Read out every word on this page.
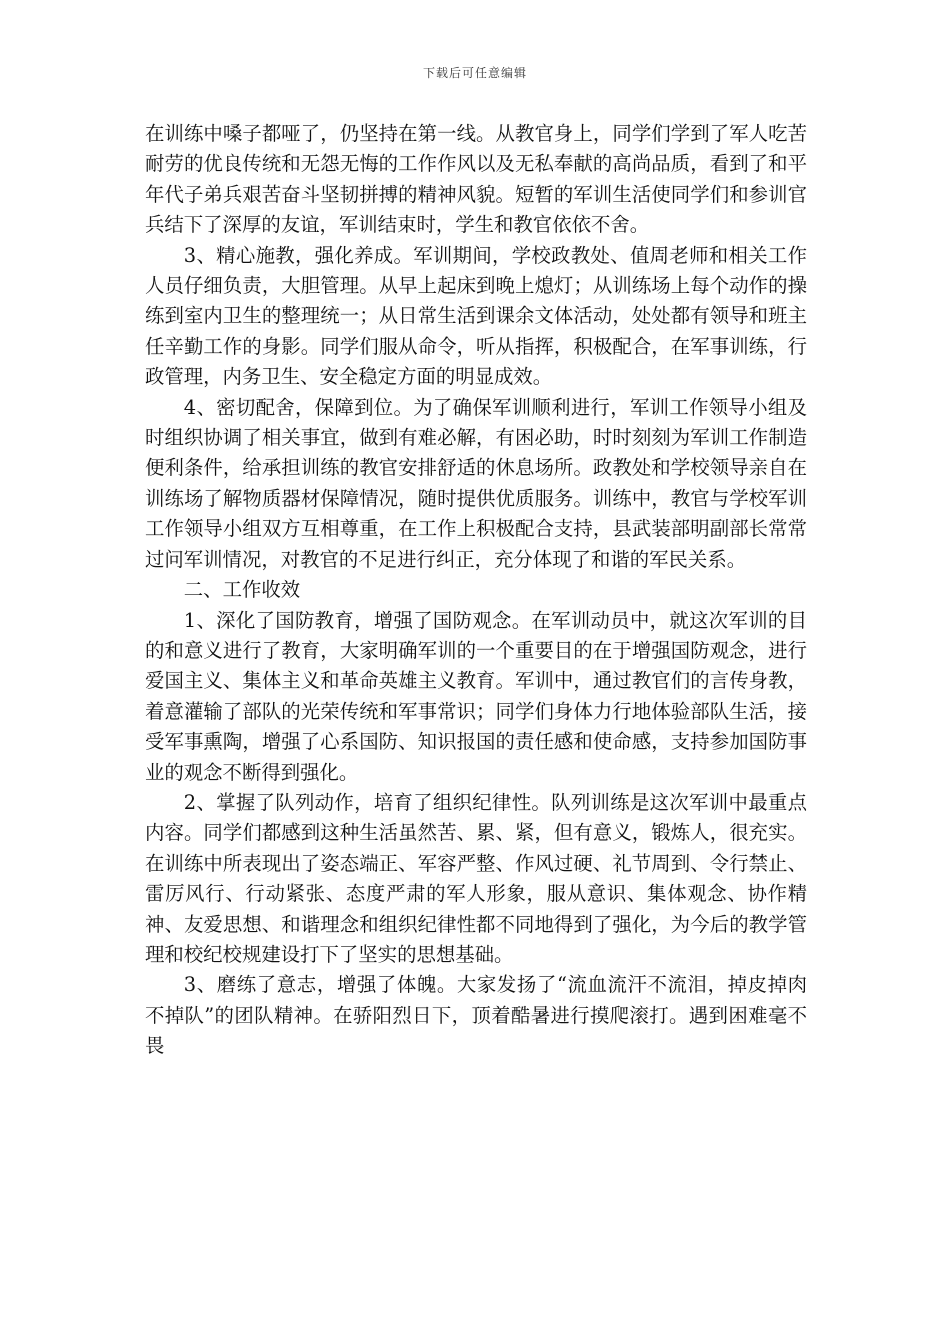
下载后可任意编辑

在训练中嗓子都哑了，仍坚持在第一线。从教官身上，同学们学到了军人吃苦耐劳的优良传统和无怨无悔的工作作风以及无私奉献的高尚品质，看到了和平年代子弟兵艰苦奋斗坚韧拼搏的精神风貌。短暂的军训生活使同学们和参训官兵结下了深厚的友谊，军训结束时，学生和教官依依不舍。

3、精心施教，强化养成。军训期间，学校政教处、值周老师和相关工作人员仔细负责，大胆管理。从早上起床到晚上熄灯；从训练场上每个动作的操练到室内卫生的整理统一；从日常生活到课余文体活动，处处都有领导和班主任辛勤工作的身影。同学们服从命令，听从指挥，积极配合，在军事训练，行政管理，内务卫生、安全稳定方面的明显成效。

4、密切配舍，保障到位。为了确保军训顺利进行，军训工作领导小组及时组织协调了相关事宜，做到有难必解，有困必助，时时刻刻为军训工作制造便利条件，给承担训练的教官安排舒适的休息场所。政教处和学校领导亲自在训练场了解物质器材保障情况，随时提供优质服务。训练中，教官与学校军训工作领导小组双方互相尊重，在工作上积极配合支持，县武装部明副部长常常过问军训情况，对教官的不足进行纠正，充分体现了和谐的军民关系。

二、工作收效

1、深化了国防教育，增强了国防观念。在军训动员中，就这次军训的目的和意义进行了教育，大家明确军训的一个重要目的在于增强国防观念，进行爱国主义、集体主义和革命英雄主义教育。军训中，通过教官们的言传身教，着意灌输了部队的光荣传统和军事常识；同学们身体力行地体验部队生活，接受军事熏陶，增强了心系国防、知识报国的责任感和使命感，支持参加国防事业的观念不断得到强化。

2、掌握了队列动作，培育了组织纪律性。队列训练是这次军训中最重点内容。同学们都感到这种生活虽然苦、累、紧，但有意义，锻炼人，很充实。在训练中所表现出了姿态端正、军容严整、作风过硬、礼节周到、令行禁止、雷厉风行、行动紧张、态度严肃的军人形象，服从意识、集体观念、协作精神、友爱思想、和谐理念和组织纪律性都不同地得到了强化，为今后的教学管理和校纪校规建设打下了坚实的思想基础。

3、磨练了意志，增强了体魄。大家发扬了“流血流汗不流泪，掉皮掉肉不掉队”的团队精神。在骄阳烈日下，顶着酷暑进行摸爬滚打。遇到困难毫不畏
